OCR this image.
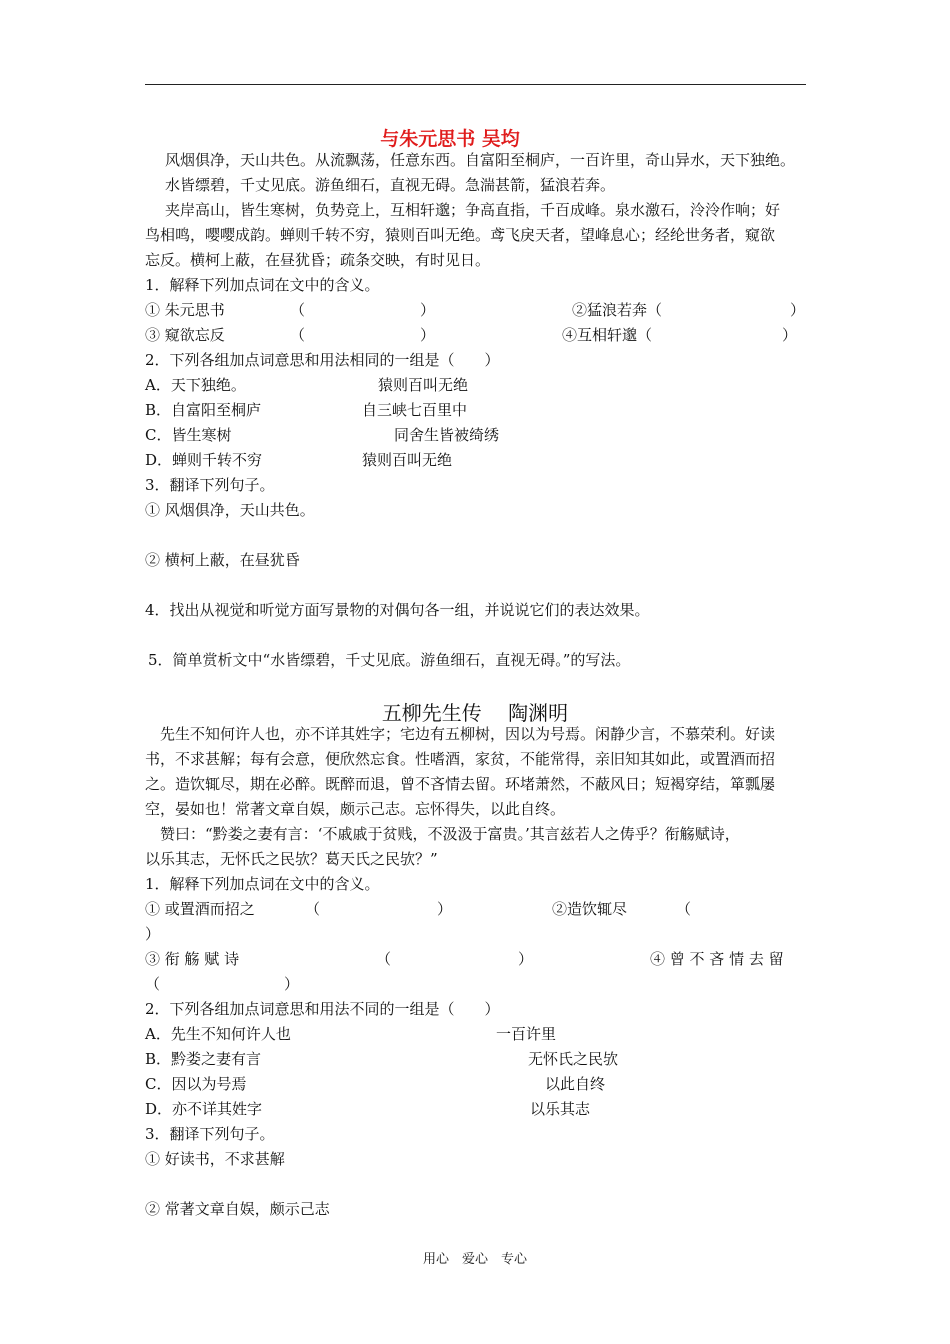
与朱元思书 吴均
风烟俱净，天山共色。从流飘荡，任意东西。自富阳至桐庐，一百许里，奇山异水，天下独绝。
水皆缥碧，千丈见底。游鱼细石，直视无碍。急湍甚箭，猛浪若奔。
夹岸高山，皆生寒树，负势竞上，互相轩邈；争高直指，千百成峰。泉水激石，泠泠作响；好
鸟相鸣，嘤嘤成韵。蝉则千转不穷，猿则百叫无绝。鸢飞戾天者，望峰息心；经纶世务者，窥欲
忘反。横柯上蔽，在昼犹昏；疏条交映，有时见日。
1．解释下列加点词在文中的含义。
① 朱元思书	（	）	②猛浪若奔（	）
③ 窥欲忘反	（	）	④互相轩邈（	）
2．下列各组加点词意思和用法相同的一组是（　　）
A．天下独绝。	猿则百叫无绝
B．自富阳至桐庐	自三峡七百里中
C．皆生寒树	同舍生皆被绮绣
D．蝉则千转不穷	猿则百叫无绝
3．翻译下列句子。
① 风烟俱净，天山共色。
② 横柯上蔽，在昼犹昏
4．找出从视觉和听觉方面写景物的对偶句各一组，并说说它们的表达效果。
5．简单赏析文中“水皆缥碧，千丈见底。游鱼细石，直视无碍。”的写法。
五柳先生传　 陶渊明
先生不知何许人也，亦不详其姓字；宅边有五柳树，因以为号焉。闲静少言，不慕荣利。好读
书，不求甚解；每有会意，便欣然忘食。性嗜酒，家贫，不能常得，亲旧知其如此，或置酒而招
之。造饮辄尽，期在必醉。既醉而退，曾不吝情去留。环堵萧然，不蔽风日；短褐穿结，箪瓢屡
空，晏如也！常著文章自娱，颇示己志。忘怀得失，以此自终。
赞曰：“黔娄之妻有言：‘不戚戚于贫贱，不汲汲于富贵。’其言兹若人之俦乎？衔觞赋诗，
以乐其志，无怀氏之民欤？葛天氏之民欤？”
1．解释下列加点词在文中的含义。
① 或置酒而招之	（	）	②造饮辄尽	（
）
③ 衔 觞 赋 诗	（	）	④ 曾 不 吝 情 去 留
（	）
2．下列各组加点词意思和用法不同的一组是（　　）
A．先生不知何许人也	一百许里
B．黔娄之妻有言	无怀氏之民欤
C．因以为号焉	以此自终
D．亦不详其姓字	以乐其志
3．翻译下列句子。
① 好读书，不求甚解
② 常著文章自娱，颇示己志
用心　爱心　专心
